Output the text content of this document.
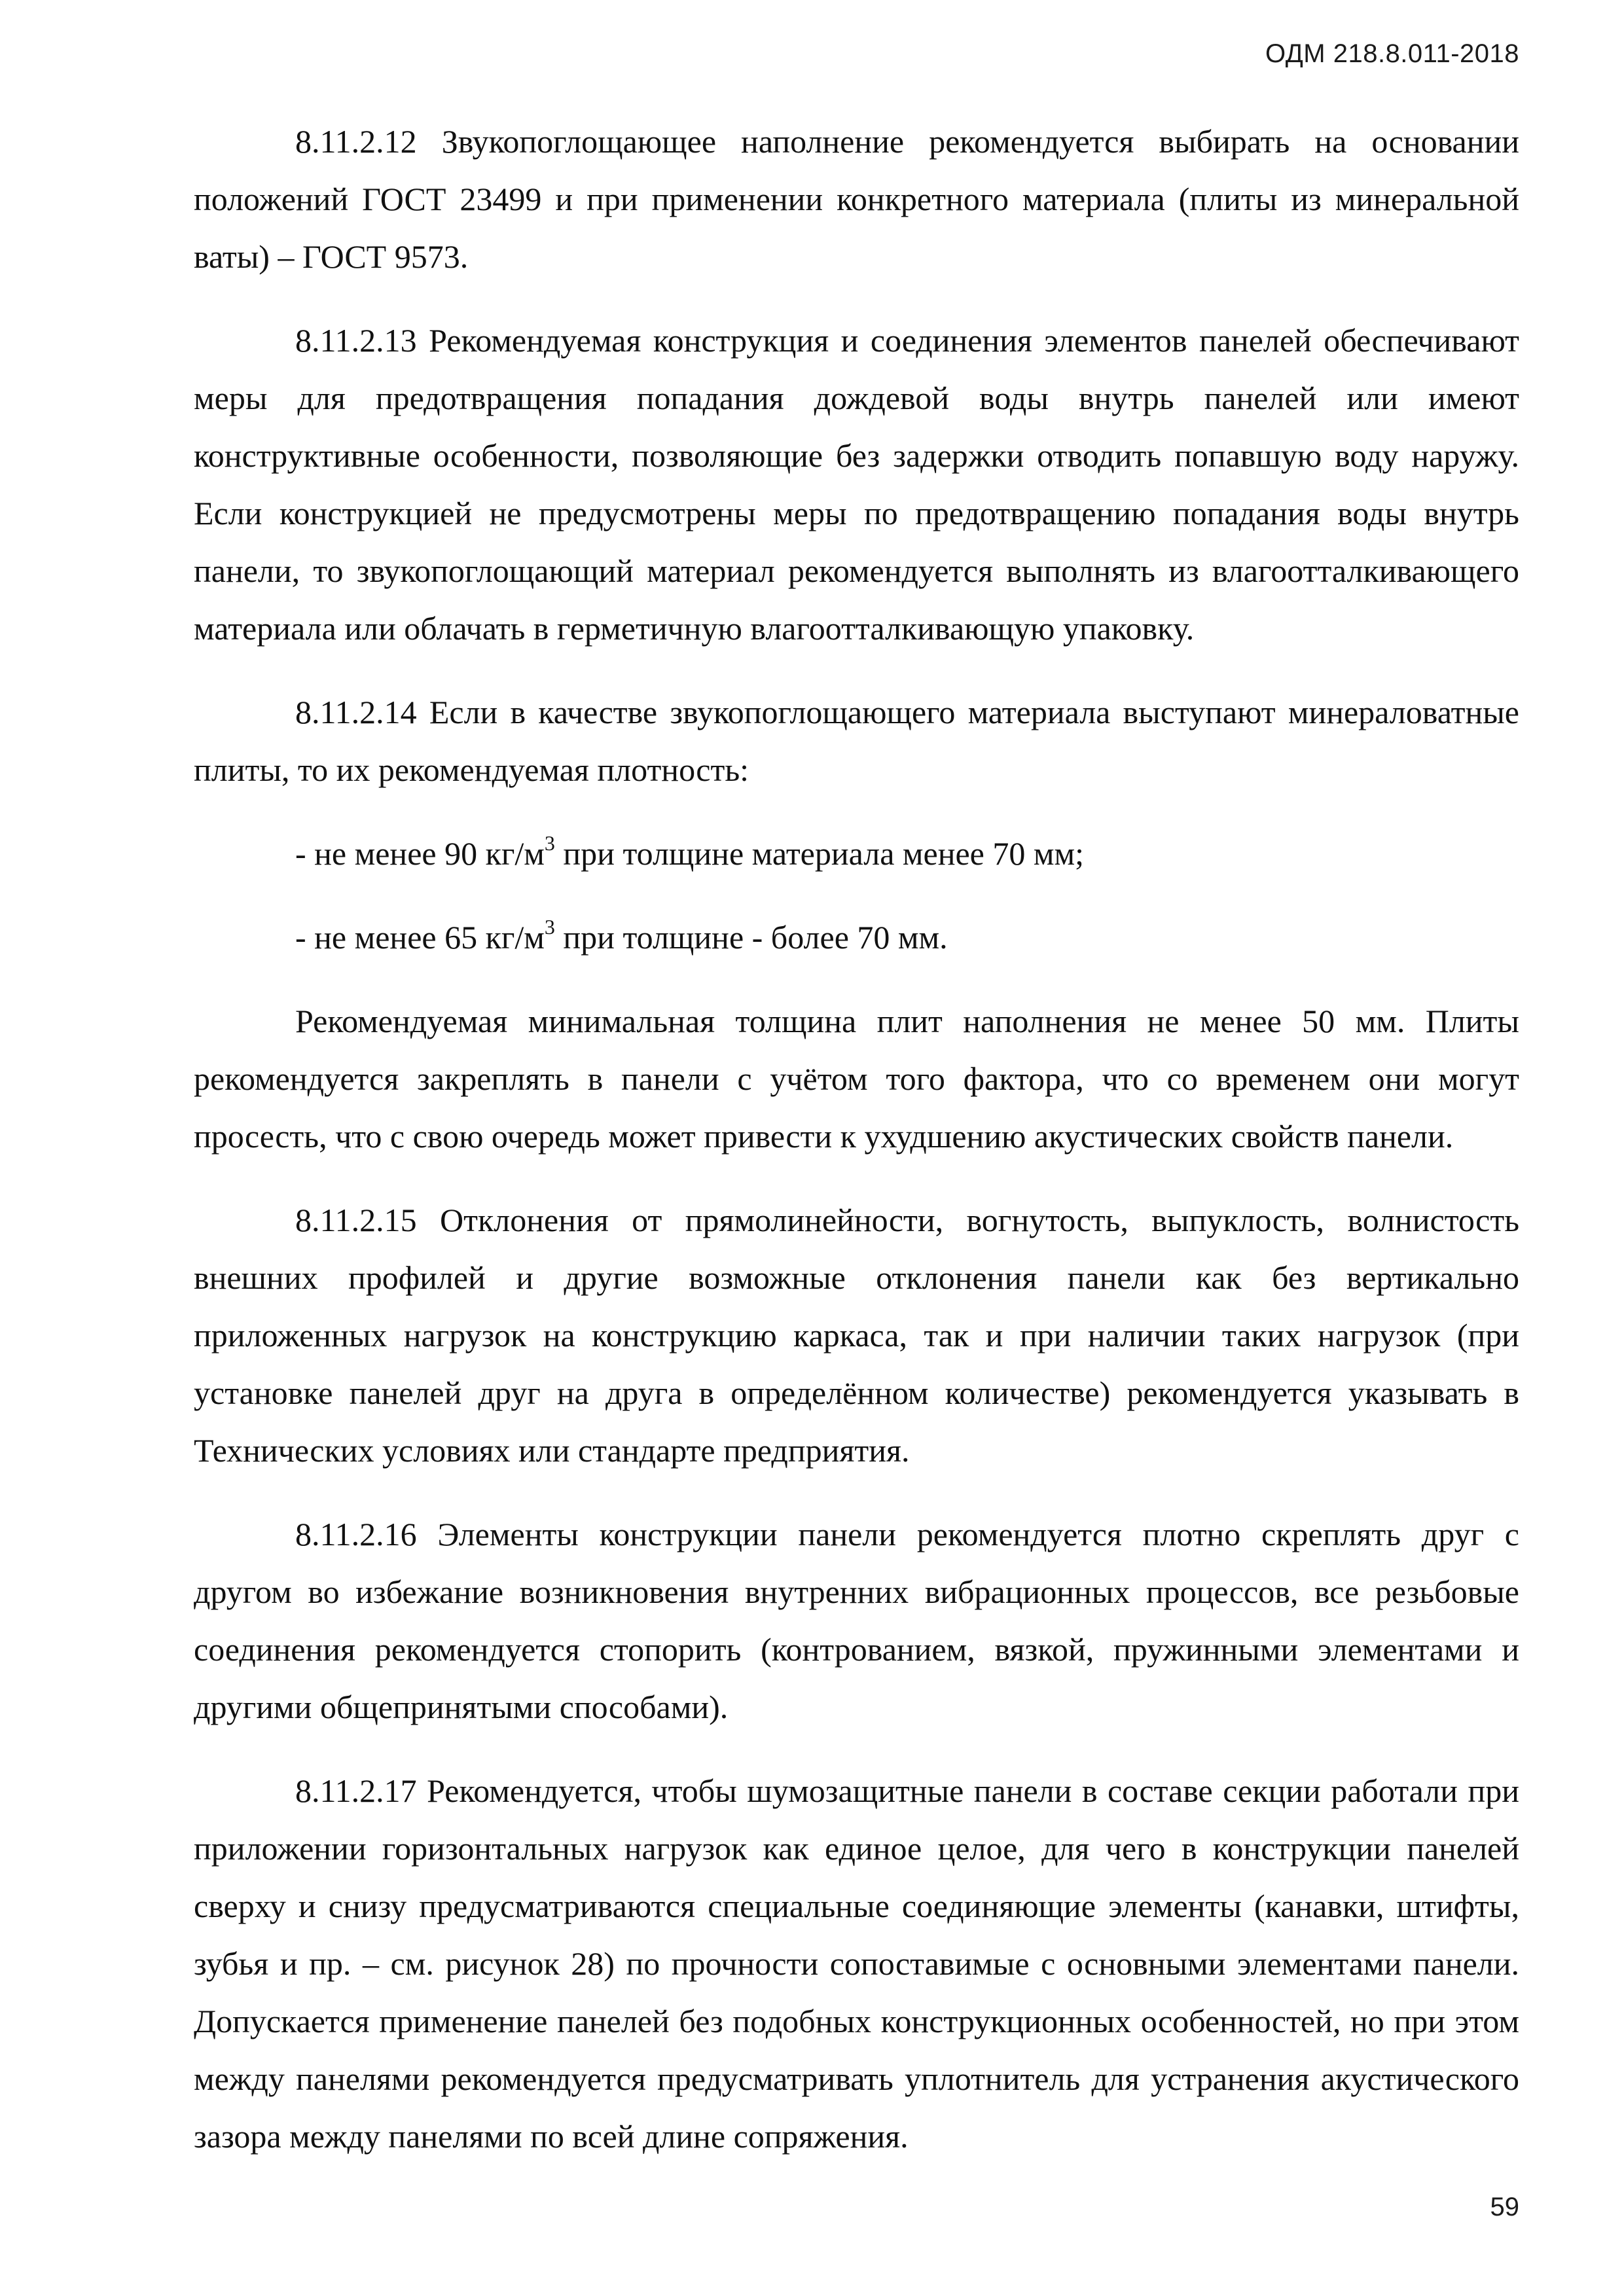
ОДМ 218.8.011-2018

8.11.2.12 Звукопоглощающее наполнение рекомендуется выбирать на основании положений ГОСТ 23499 и при применении конкретного материала (плиты из минеральной ваты) – ГОСТ 9573.

8.11.2.13 Рекомендуемая конструкция и соединения элементов панелей обеспечивают меры для предотвращения попадания дождевой воды внутрь панелей или имеют конструктивные особенности, позволяющие без задержки отводить попавшую воду наружу. Если конструкцией не предусмотрены меры по предотвращению попадания воды внутрь панели, то звукопоглощающий материал рекомендуется выполнять из влагоотталкивающего материала или облачать в герметичную влагоотталкивающую упаковку.

8.11.2.14 Если в качестве звукопоглощающего материала выступают минераловатные плиты, то их рекомендуемая плотность:

- не менее 90 $кг/м^3$ при толщине материала менее 70 мм;

- не менее 65 $кг/м^3$ при толщине - более 70 мм.

Рекомендуемая минимальная толщина плит наполнения не менее 50 мм. Плиты рекомендуется закреплять в панели с учётом того фактора, что со временем они могут просесть, что с свою очередь может привести к ухудшению акустических свойств панели.

8.11.2.15 Отклонения от прямолинейности, вогнутость, выпуклость, волнистость внешних профилей и другие возможные отклонения панели как без вертикально приложенных нагрузок на конструкцию каркаса, так и при наличии таких нагрузок (при установке панелей друг на друга в определённом количестве) рекомендуется указывать в Технических условиях или стандарте предприятия.

8.11.2.16 Элементы конструкции панели рекомендуется плотно скреплять друг с другом во избежание возникновения внутренних вибрационных процессов, все резьбовые соединения рекомендуется стопорить (контрованием, вязкой, пружинными элементами и другими общепринятыми способами).

8.11.2.17 Рекомендуется, чтобы шумозащитные панели в составе секции работали при приложении горизонтальных нагрузок как единое целое, для чего в конструкции панелей сверху и снизу предусматриваются специальные соединяющие элементы (канавки, штифты, зубья и пр. – см. рисунок 28) по прочности сопоставимые с основными элементами панели. Допускается применение панелей без подобных конструкционных особенностей, но при этом между панелями рекомендуется предусматривать уплотнитель для устранения акустического зазора между панелями по всей длине сопряжения.

59
